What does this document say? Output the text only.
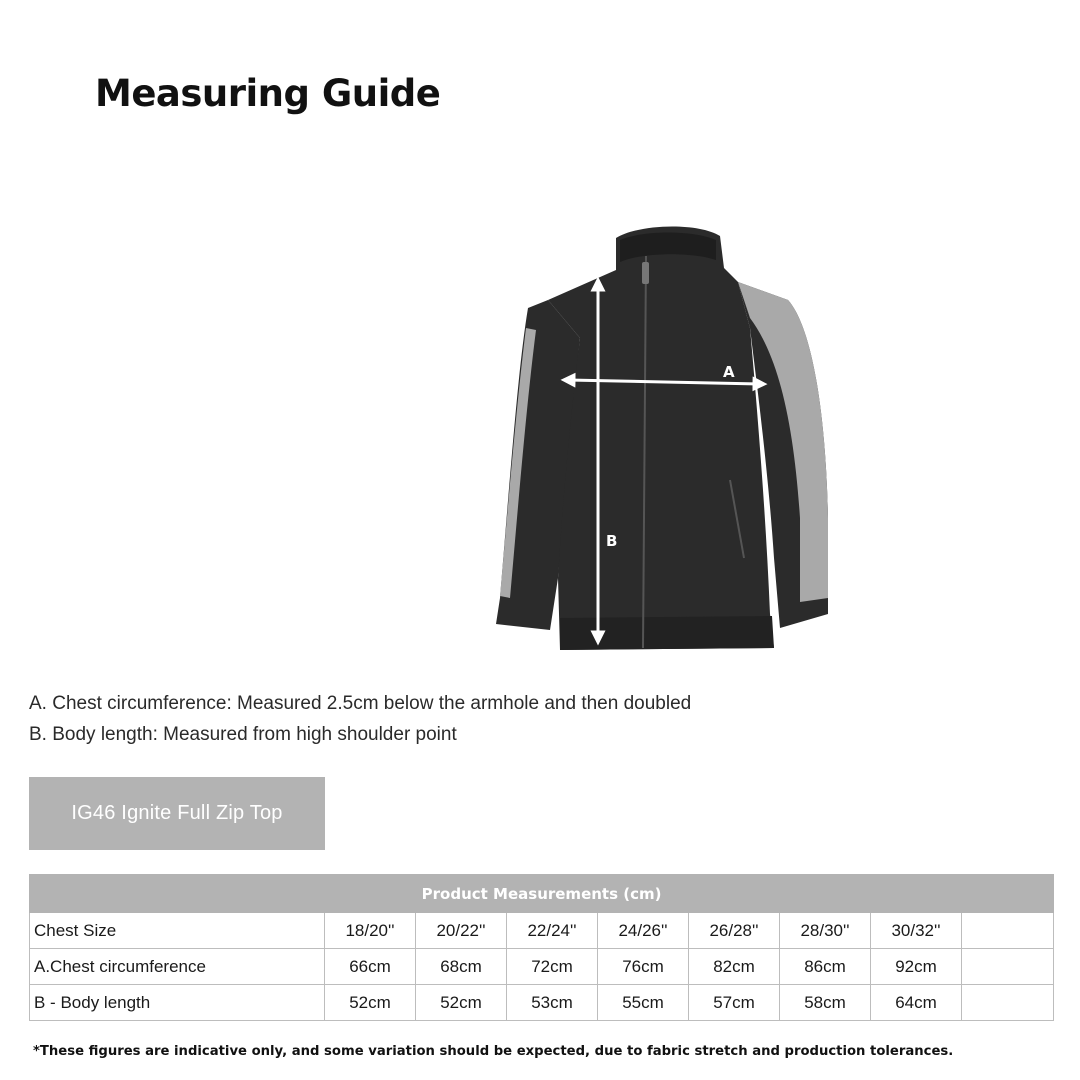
Measuring Guide
A
B
A. Chest circumference: Measured 2.5cm below the armhole and then doubled
B. Body length: Measured from high shoulder point
IG46 Ignite Full Zip Top
Product Measurements (cm)								
Chest Size	18/20''	20/22''	22/24''	24/26''	26/28''	28/30''	30/32''	
A.Chest circumference	66cm	68cm	72cm	76cm	82cm	86cm	92cm	
B - Body length	52cm	52cm	53cm	55cm	57cm	58cm	64cm	
*These figures are indicative only, and some variation should be expected, due to fabric stretch and production tolerances.
